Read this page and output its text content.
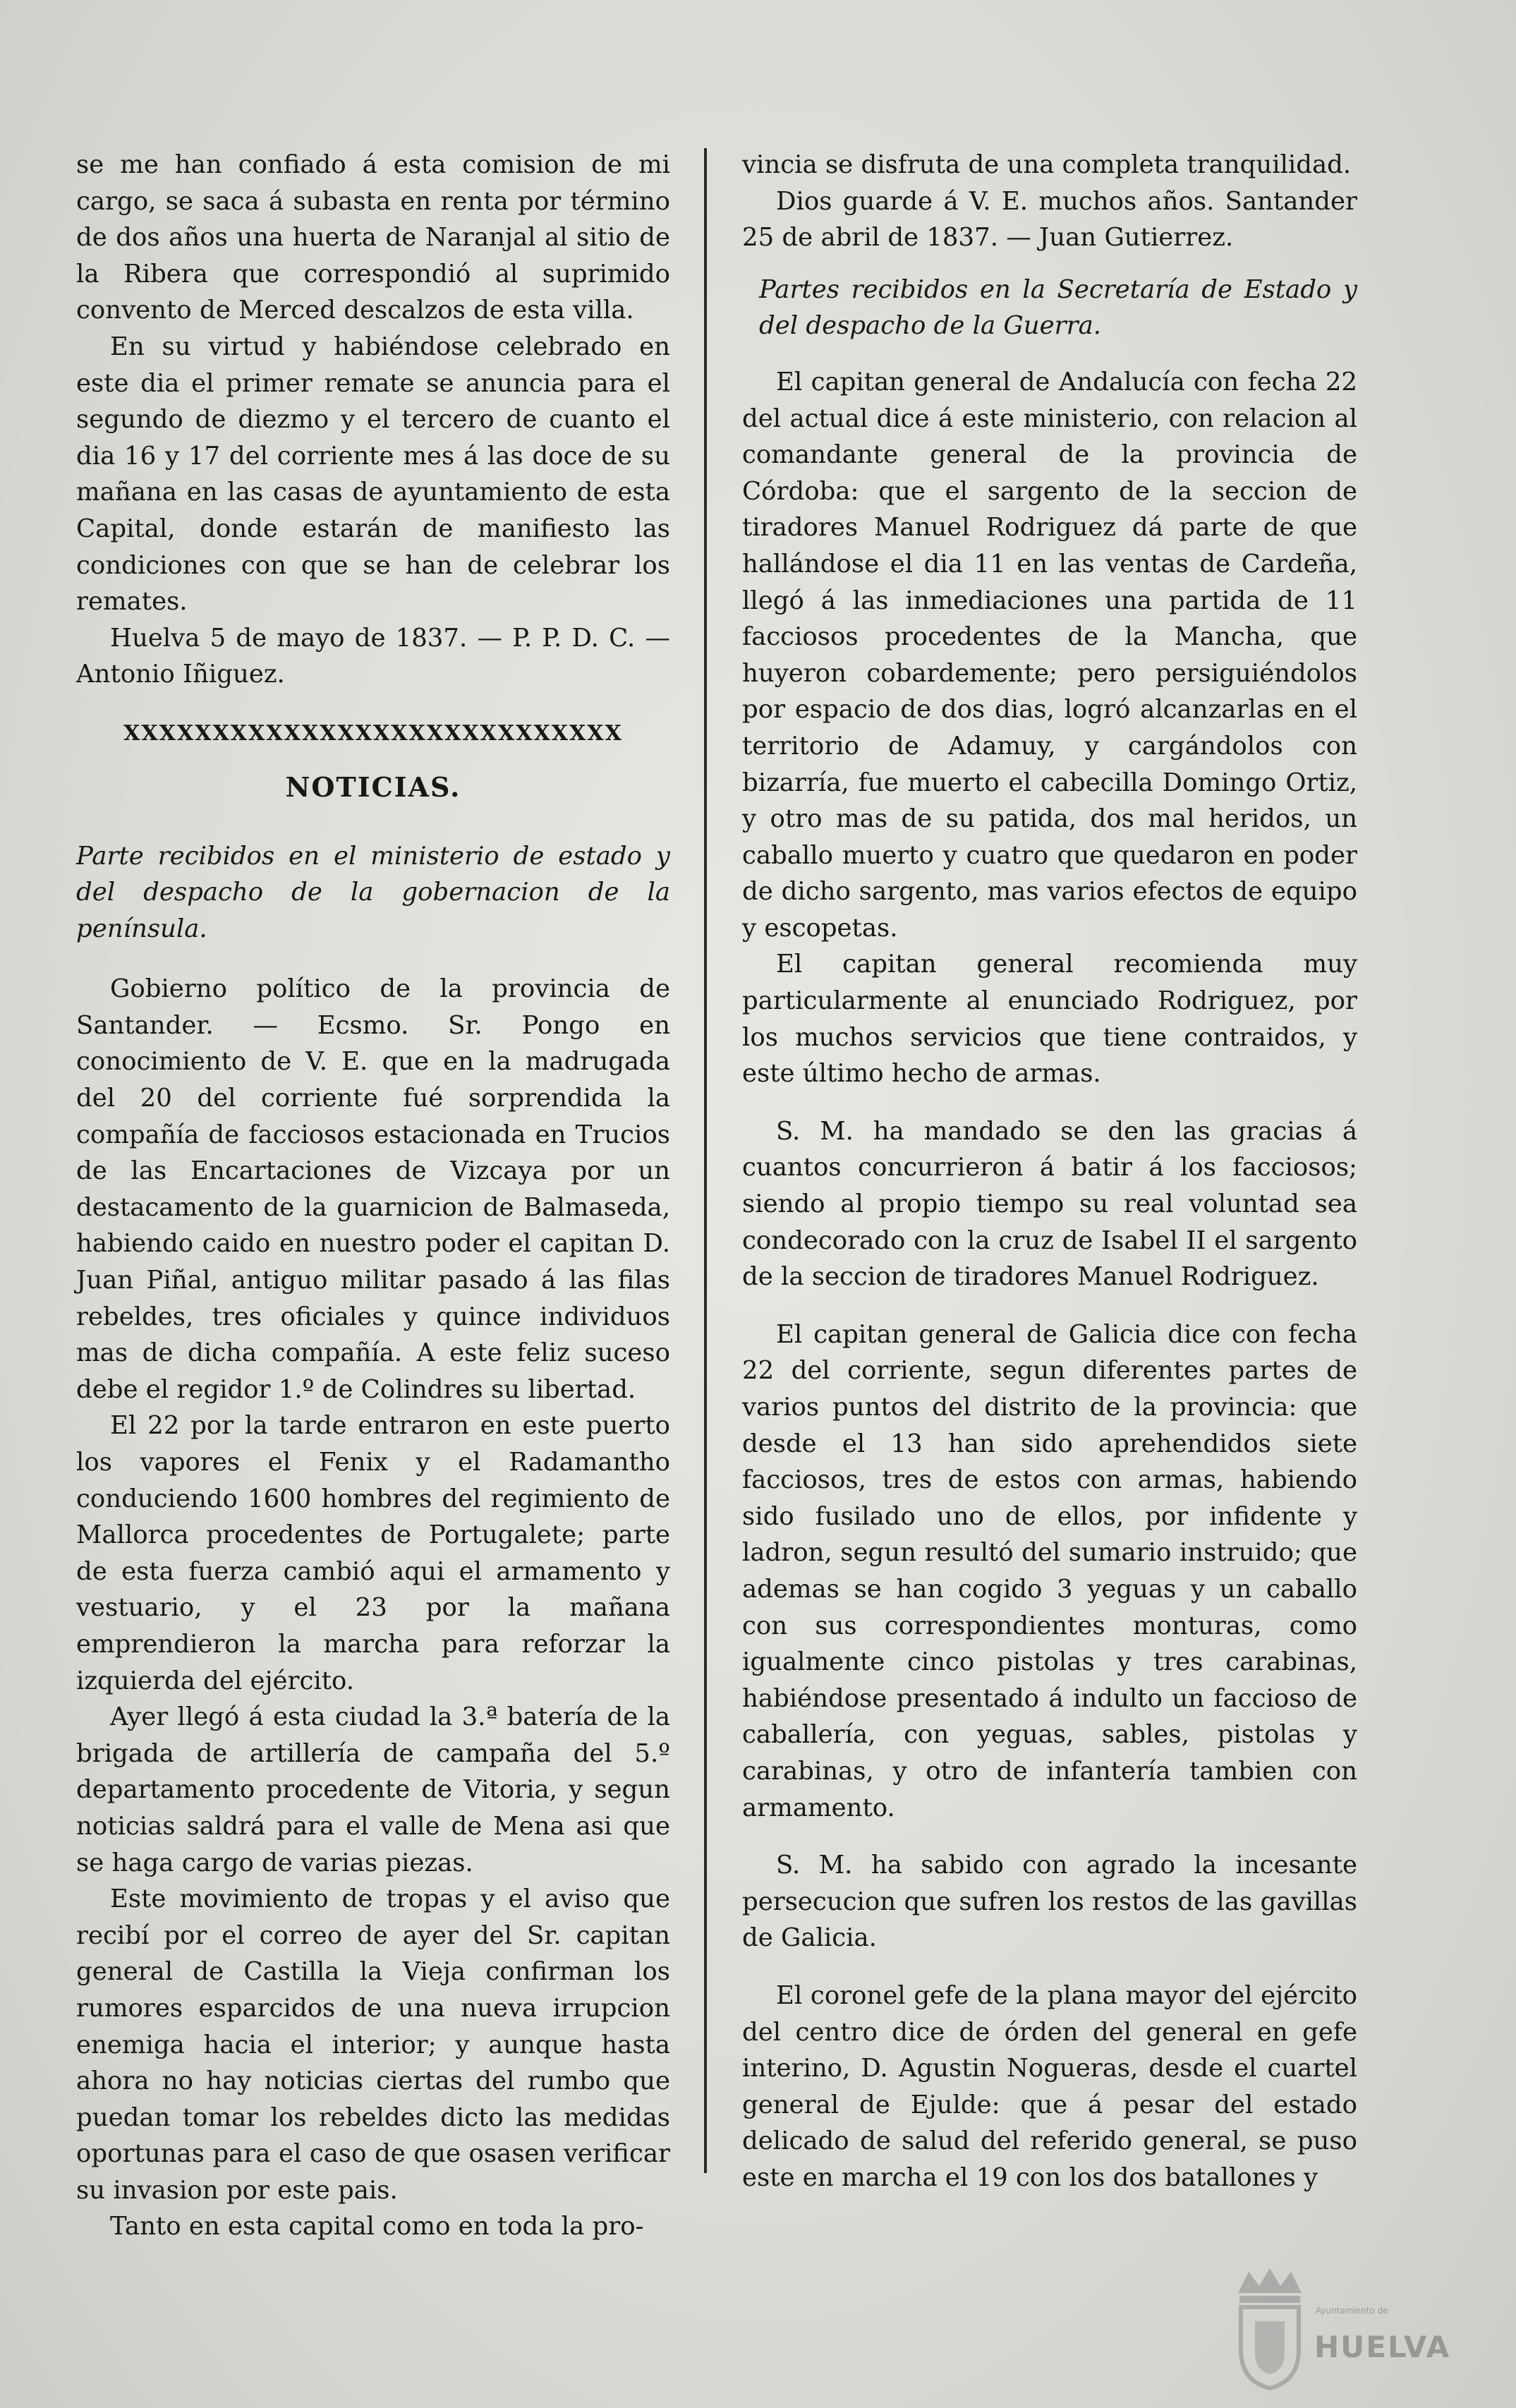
se me han confiado á esta comision de mi cargo, se saca á subasta en renta por término de dos años una huerta de Naranjal al sitio de la Ribera que correspondió al suprimido convento de Merced descalzos de esta villa.

En su virtud y habiéndose celebrado en este dia el primer remate se anuncia para el segundo de diezmo y el tercero de cuanto el dia 16 y 17 del corriente mes á las doce de su mañana en las casas de ayuntamiento de esta Capital, donde estarán de manifiesto las condiciones con que se han de celebrar los remates.

Huelva 5 de mayo de 1837. — P. P. D. C. — Antonio Iñiguez.

XXXXXXXXXXXXXXXXXXXXXXXXXXXX
NOTICIAS.

Parte recibidos en el ministerio de estado y del despacho de la gobernacion de la península.

Gobierno político de la provincia de Santander. — Ecsmo. Sr. Pongo en conocimiento de V. E. que en la madrugada del 20 del corriente fué sorprendida la compañía de facciosos estacionada en Trucios de las Encartaciones de Vizcaya por un destacamento de la guarnicion de Balmaseda, habiendo caido en nuestro poder el capitan D. Juan Piñal, antiguo militar pasado á las filas rebeldes, tres oficiales y quince individuos mas de dicha compañía. A este feliz suceso debe el regidor 1.º de Colindres su libertad.

El 22 por la tarde entraron en este puerto los vapores el Fenix y el Radamantho conduciendo 1600 hombres del regimiento de Mallorca procedentes de Portugalete; parte de esta fuerza cambió aqui el armamento y vestuario, y el 23 por la mañana emprendieron la marcha para reforzar la izquierda del ejército.

Ayer llegó á esta ciudad la 3.ª batería de la brigada de artillería de campaña del 5.º departamento procedente de Vitoria, y segun noticias saldrá para el valle de Mena asi que se haga cargo de varias piezas.

Este movimiento de tropas y el aviso que recibí por el correo de ayer del Sr. capitan general de Castilla la Vieja confirman los rumores esparcidos de una nueva irrupcion enemiga hacia el interior; y aunque hasta ahora no hay noticias ciertas del rumbo que puedan tomar los rebeldes dicto las medidas oportunas para el caso de que osasen verificar su invasion por este pais.

Tanto en esta capital como en toda la pro-

vincia se disfruta de una completa tranquilidad.

Dios guarde á V. E. muchos años. Santander 25 de abril de 1837. — Juan Gutierrez.

Partes recibidos en la Secretaría de Estado y del despacho de la Guerra.

El capitan general de Andalucía con fecha 22 del actual dice á este ministerio, con relacion al comandante general de la provincia de Córdoba: que el sargento de la seccion de tiradores Manuel Rodriguez dá parte de que hallándose el dia 11 en las ventas de Cardeña, llegó á las inmediaciones una partida de 11 facciosos procedentes de la Mancha, que huyeron cobardemente; pero persiguiéndolos por espacio de dos dias, logró alcanzarlas en el territorio de Adamuy, y cargándolos con bizarría, fue muerto el cabecilla Domingo Ortiz, y otro mas de su patida, dos mal heridos, un caballo muerto y cuatro que quedaron en poder de dicho sargento, mas varios efectos de equipo y escopetas.

El capitan general recomienda muy particularmente al enunciado Rodriguez, por los muchos servicios que tiene contraidos, y este último hecho de armas.

S. M. ha mandado se den las gracias á cuantos concurrieron á batir á los facciosos; siendo al propio tiempo su real voluntad sea condecorado con la cruz de Isabel II el sargento de la seccion de tiradores Manuel Rodriguez.

El capitan general de Galicia dice con fecha 22 del corriente, segun diferentes partes de varios puntos del distrito de la provincia: que desde el 13 han sido aprehendidos siete facciosos, tres de estos con armas, habiendo sido fusilado uno de ellos, por infidente y ladron, segun resultó del sumario instruido; que ademas se han cogido 3 yeguas y un caballo con sus correspondientes monturas, como igualmente cinco pistolas y tres carabinas, habiéndose presentado á indulto un faccioso de caballería, con yeguas, sables, pistolas y carabinas, y otro de infantería tambien con armamento.

S. M. ha sabido con agrado la incesante persecucion que sufren los restos de las gavillas de Galicia.

El coronel gefe de la plana mayor del ejército del centro dice de órden del general en gefe interino, D. Agustin Nogueras, desde el cuartel general de Ejulde: que á pesar del estado delicado de salud del referido general, se puso este en marcha el 19 con los dos batallones y

Ayuntamiento de
HUELVA
